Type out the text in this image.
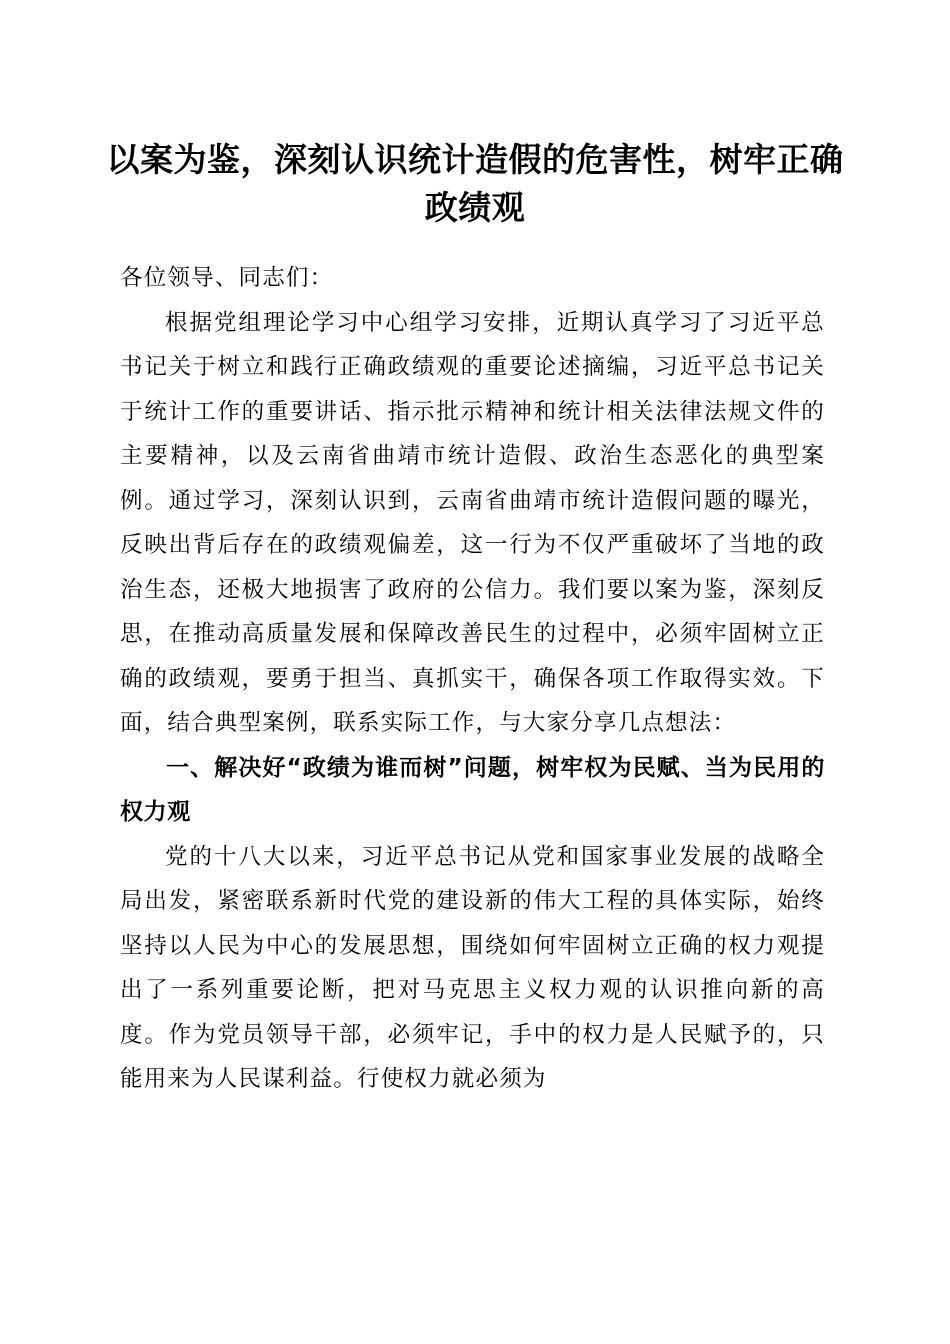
以案为鉴，深刻认识统计造假的危害性，树牢正确政绩观

各位领导、同志们：

根据党组理论学习中心组学习安排，近期认真学习了习近平总书记关于树立和践行正确政绩观的重要论述摘编，习近平总书记关于统计工作的重要讲话、指示批示精神和统计相关法律法规文件的主要精神，以及云南省曲靖市统计造假、政治生态恶化的典型案例。通过学习，深刻认识到，云南省曲靖市统计造假问题的曝光，反映出背后存在的政绩观偏差，这一行为不仅严重破坏了当地的政治生态，还极大地损害了政府的公信力。我们要以案为鉴，深刻反思，在推动高质量发展和保障改善民生的过程中，必须牢固树立正确的政绩观，要勇于担当、真抓实干，确保各项工作取得实效。下面，结合典型案例，联系实际工作，与大家分享几点想法：

一、解决好“政绩为谁而树”问题，树牢权为民赋、当为民用的权力观

党的十八大以来，习近平总书记从党和国家事业发展的战略全局出发，紧密联系新时代党的建设新的伟大工程的具体实际，始终坚持以人民为中心的发展思想，围绕如何牢固树立正确的权力观提出了一系列重要论断，把对马克思主义权力观的认识推向新的高度。作为党员领导干部，必须牢记，手中的权力是人民赋予的，只能用来为人民谋利益。行使权力就必须为
